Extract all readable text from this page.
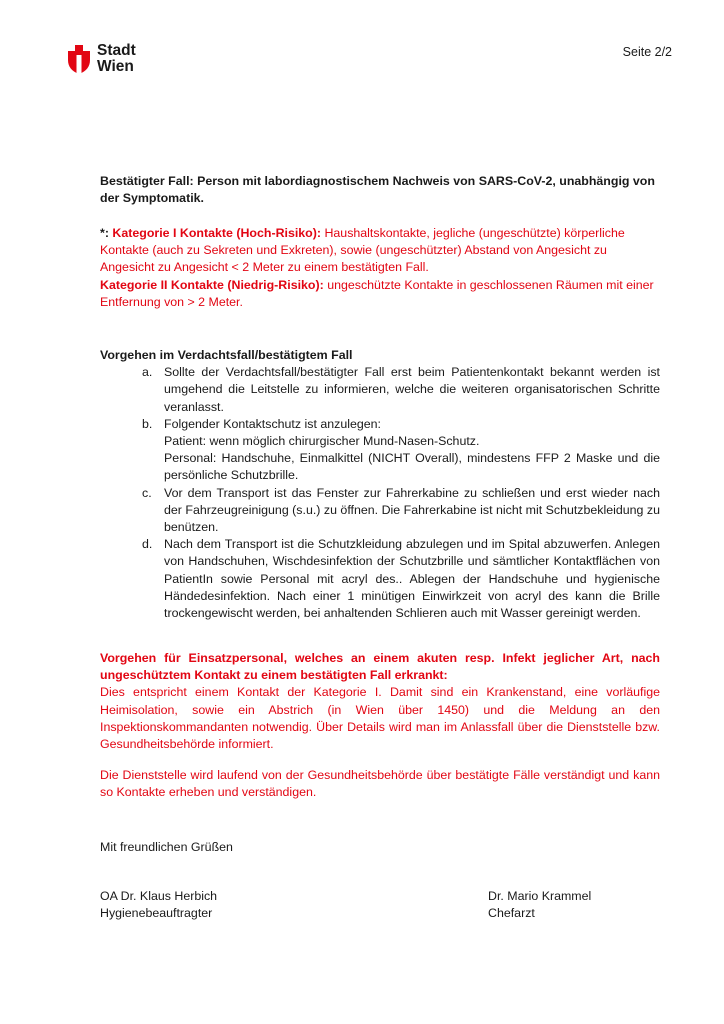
Stadt
Wien
Seite 2/2

Bestätigter Fall: Person mit labordiagnostischem Nachweis von SARS-CoV-2, unabhängig von der Symptomatik.

*: Kategorie I Kontakte (Hoch-Risiko): Haushaltskontakte, jegliche (ungeschützte) körperliche Kontakte (auch zu Sekreten und Exkreten), sowie (ungeschützter) Abstand von Angesicht zu Angesicht zu Angesicht < 2 Meter zu einem bestätigten Fall.

Kategorie II Kontakte (Niedrig-Risiko): ungeschützte Kontakte in geschlossenen Räumen mit einer Entfernung von > 2 Meter.

Vorgehen im Verdachtsfall/bestätigtem Fall

a. Sollte der Verdachtsfall/bestätigter Fall erst beim Patientenkontakt bekannt werden ist umgehend die Leitstelle zu informieren, welche die weiteren organisatorischen Schritte veranlasst.
b. Folgender Kontaktschutz ist anzulegen:
Patient: wenn möglich chirurgischer Mund-Nasen-Schutz.
Personal: Handschuhe, Einmalkittel (NICHT Overall), mindestens FFP 2 Maske und die persönliche Schutzbrille.
c. Vor dem Transport ist das Fenster zur Fahrerkabine zu schließen und erst wieder nach der Fahrzeugreinigung (s.u.) zu öffnen. Die Fahrerkabine ist nicht mit Schutzbekleidung zu benützen.
d. Nach dem Transport ist die Schutzkleidung abzulegen und im Spital abzuwerfen. Anlegen von Handschuhen, Wischdesinfektion der Schutzbrille und sämtlicher Kontaktflächen von PatientIn sowie Personal mit acryl des.. Ablegen der Handschuhe und hygienische Händedesinfektion. Nach einer 1 minütigen Einwirkzeit von acryl des kann die Brille trockengewischt werden, bei anhaltenden Schlieren auch mit Wasser gereinigt werden.

Vorgehen für Einsatzpersonal, welches an einem akuten resp. Infekt jeglicher Art, nach ungeschütztem Kontakt zu einem bestätigten Fall erkrankt:

Dies entspricht einem Kontakt der Kategorie I. Damit sind ein Krankenstand, eine vorläufige Heimisolation, sowie ein Abstrich (in Wien über 1450) und die Meldung an den Inspektionskommandanten notwendig. Über Details wird man im Anlassfall über die Dienststelle bzw. Gesundheitsbehörde informiert.

Die Dienststelle wird laufend von der Gesundheitsbehörde über bestätigte Fälle verständigt und kann so Kontakte erheben und verständigen.

Mit freundlichen Grüßen

OA Dr. Klaus Herbich
Hygienebeauftragter
Dr. Mario Krammel
Chefarzt
